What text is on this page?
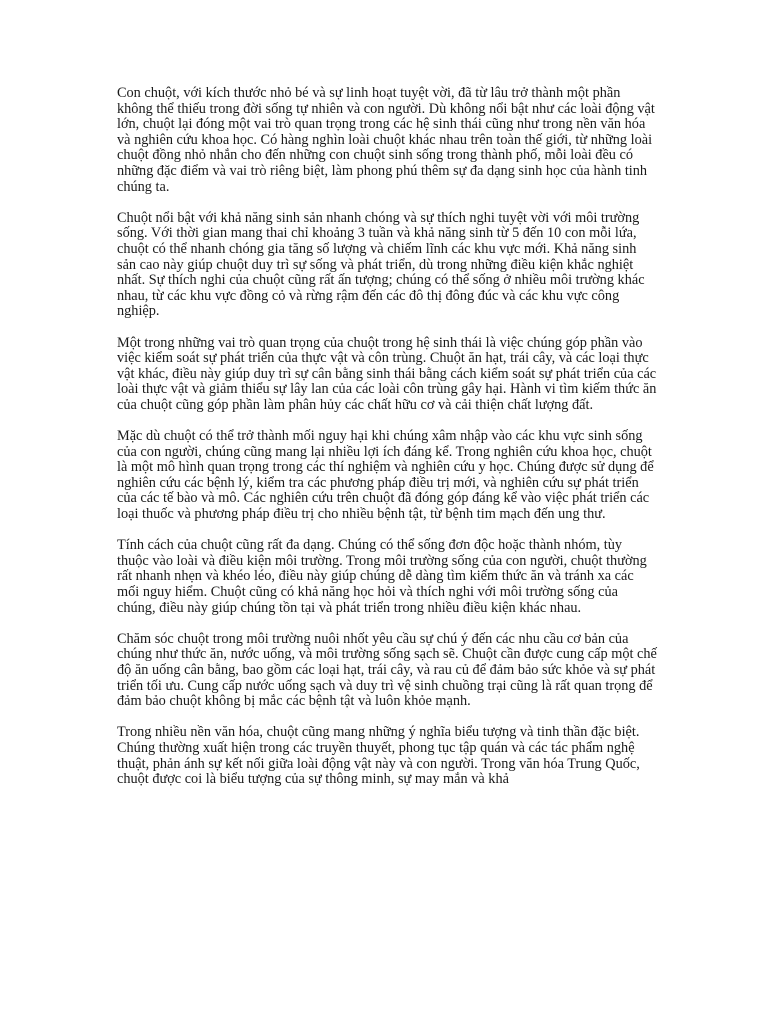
Con chuột, với kích thước nhỏ bé và sự linh hoạt tuyệt vời, đã từ lâu trở thành một phần không thể thiếu trong đời sống tự nhiên và con người. Dù không nổi bật như các loài động vật lớn, chuột lại đóng một vai trò quan trọng trong các hệ sinh thái cũng như trong nền văn hóa và nghiên cứu khoa học. Có hàng nghìn loài chuột khác nhau trên toàn thế giới, từ những loài chuột đồng nhỏ nhắn cho đến những con chuột sinh sống trong thành phố, mỗi loài đều có những đặc điểm và vai trò riêng biệt, làm phong phú thêm sự đa dạng sinh học của hành tinh chúng ta.

Chuột nổi bật với khả năng sinh sản nhanh chóng và sự thích nghi tuyệt vời với môi trường sống. Với thời gian mang thai chỉ khoảng 3 tuần và khả năng sinh từ 5 đến 10 con mỗi lứa, chuột có thể nhanh chóng gia tăng số lượng và chiếm lĩnh các khu vực mới. Khả năng sinh sản cao này giúp chuột duy trì sự sống và phát triển, dù trong những điều kiện khắc nghiệt nhất. Sự thích nghi của chuột cũng rất ấn tượng; chúng có thể sống ở nhiều môi trường khác nhau, từ các khu vực đồng cỏ và rừng rậm đến các đô thị đông đúc và các khu vực công nghiệp.

Một trong những vai trò quan trọng của chuột trong hệ sinh thái là việc chúng góp phần vào việc kiểm soát sự phát triển của thực vật và côn trùng. Chuột ăn hạt, trái cây, và các loại thực vật khác, điều này giúp duy trì sự cân bằng sinh thái bằng cách kiểm soát sự phát triển của các loài thực vật và giảm thiểu sự lây lan của các loài côn trùng gây hại. Hành vi tìm kiếm thức ăn của chuột cũng góp phần làm phân hủy các chất hữu cơ và cải thiện chất lượng đất.

Mặc dù chuột có thể trở thành mối nguy hại khi chúng xâm nhập vào các khu vực sinh sống của con người, chúng cũng mang lại nhiều lợi ích đáng kể. Trong nghiên cứu khoa học, chuột là một mô hình quan trọng trong các thí nghiệm và nghiên cứu y học. Chúng được sử dụng để nghiên cứu các bệnh lý, kiểm tra các phương pháp điều trị mới, và nghiên cứu sự phát triển của các tế bào và mô. Các nghiên cứu trên chuột đã đóng góp đáng kể vào việc phát triển các loại thuốc và phương pháp điều trị cho nhiều bệnh tật, từ bệnh tim mạch đến ung thư.

Tính cách của chuột cũng rất đa dạng. Chúng có thể sống đơn độc hoặc thành nhóm, tùy thuộc vào loài và điều kiện môi trường. Trong môi trường sống của con người, chuột thường rất nhanh nhẹn và khéo léo, điều này giúp chúng dễ dàng tìm kiếm thức ăn và tránh xa các mối nguy hiểm. Chuột cũng có khả năng học hỏi và thích nghi với môi trường sống của chúng, điều này giúp chúng tồn tại và phát triển trong nhiều điều kiện khác nhau.

Chăm sóc chuột trong môi trường nuôi nhốt yêu cầu sự chú ý đến các nhu cầu cơ bản của chúng như thức ăn, nước uống, và môi trường sống sạch sẽ. Chuột cần được cung cấp một chế độ ăn uống cân bằng, bao gồm các loại hạt, trái cây, và rau củ để đảm bảo sức khỏe và sự phát triển tối ưu. Cung cấp nước uống sạch và duy trì vệ sinh chuồng trại cũng là rất quan trọng để đảm bảo chuột không bị mắc các bệnh tật và luôn khỏe mạnh.

Trong nhiều nền văn hóa, chuột cũng mang những ý nghĩa biểu tượng và tinh thần đặc biệt. Chúng thường xuất hiện trong các truyền thuyết, phong tục tập quán và các tác phẩm nghệ thuật, phản ánh sự kết nối giữa loài động vật này và con người. Trong văn hóa Trung Quốc, chuột được coi là biểu tượng của sự thông minh, sự may mắn và khả
